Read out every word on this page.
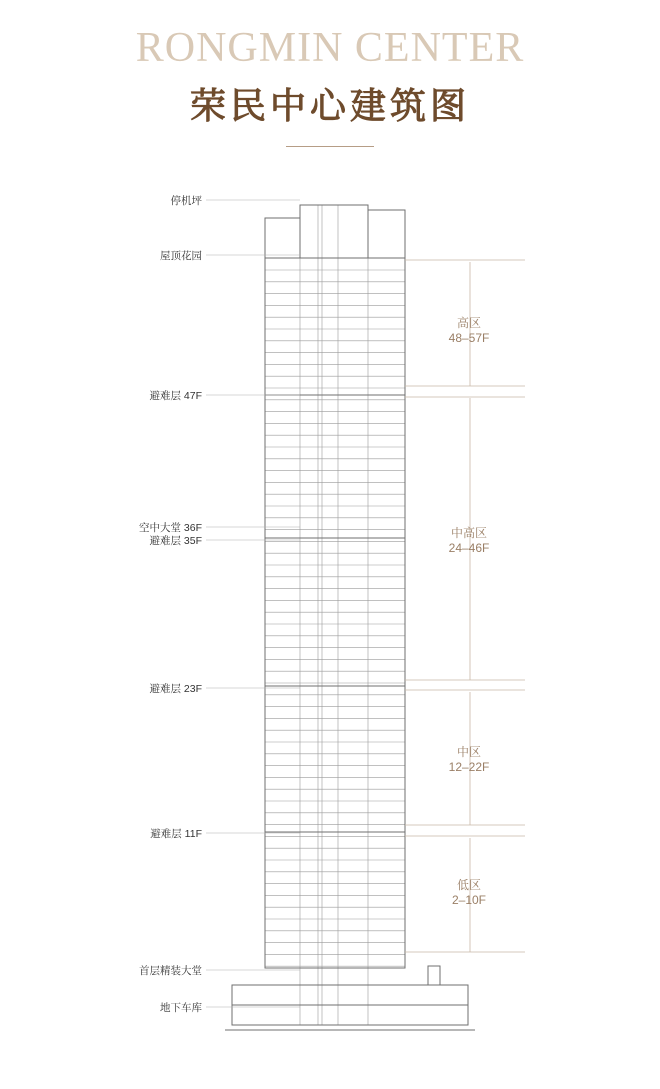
RONGMIN CENTER
荣民中心建筑图
停机坪
屋顶花园
避难层 47F
空中大堂 36F
避难层 35F
避难层 23F
避难层 11F
首层精装大堂
地下车库
高区
48–57F
中高区
24–46F
中区
12–22F
低区
2–10F
